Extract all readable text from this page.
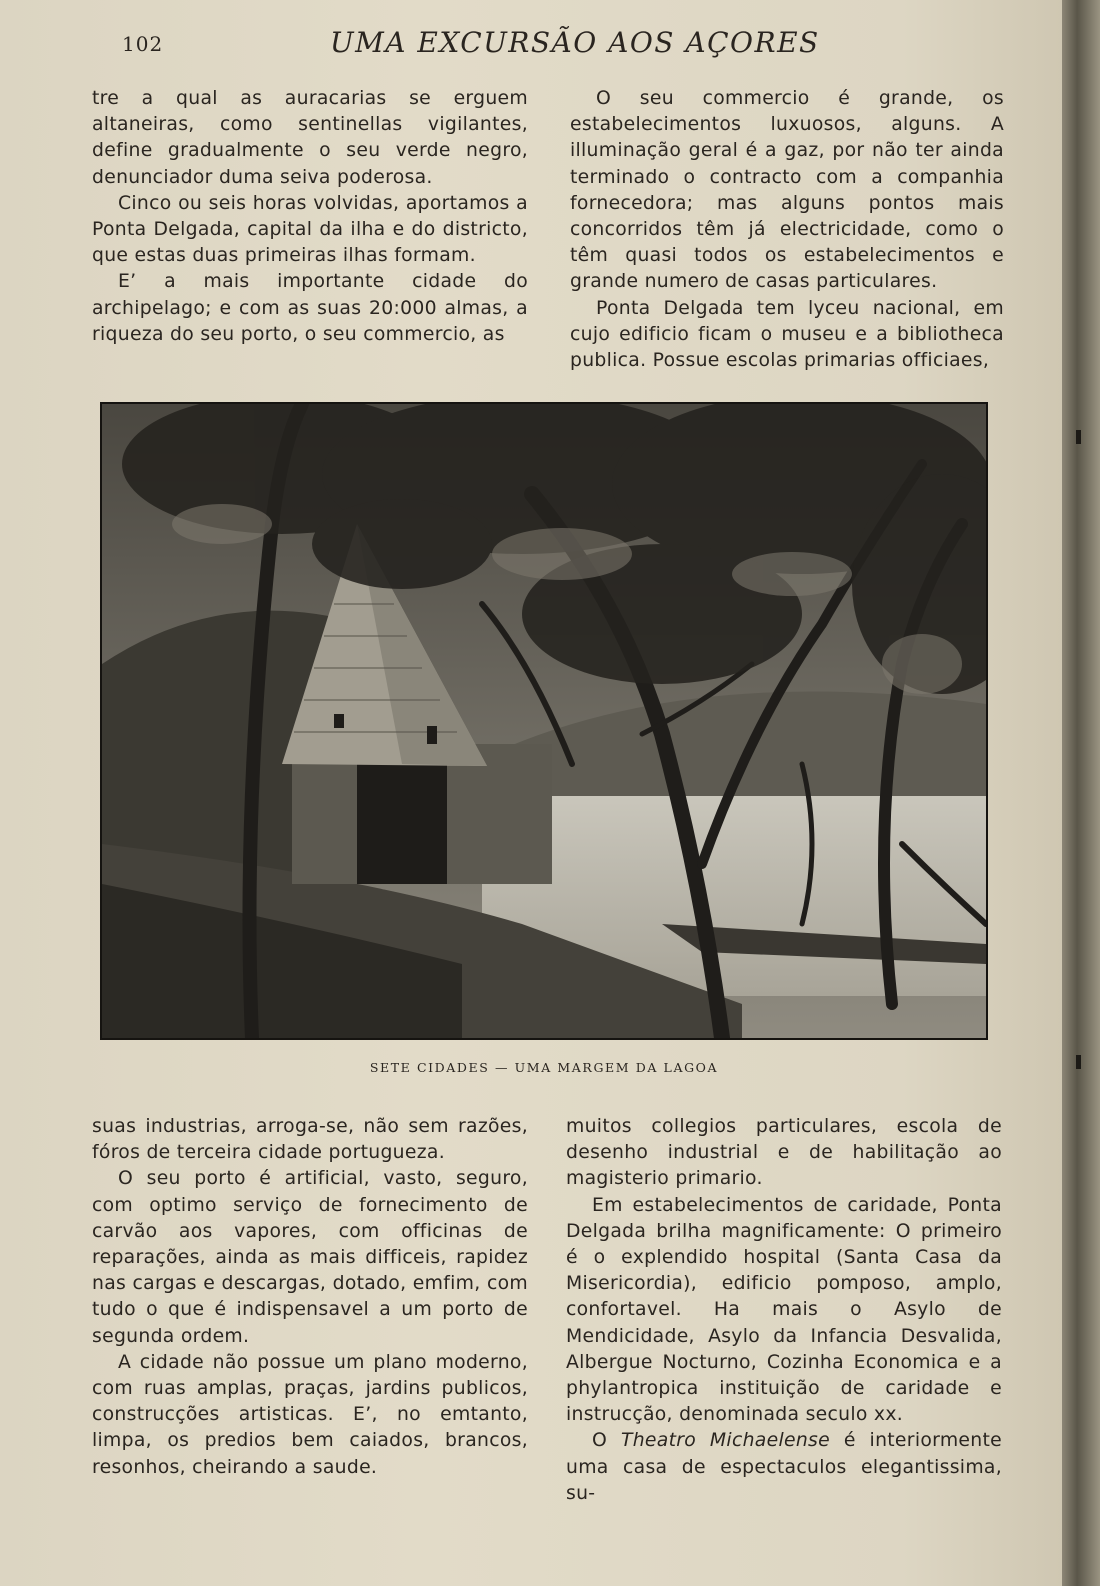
102	UMA EXCURSÃO AOS AÇORES

tre a qual as auracarias se erguem altaneiras, como sentinellas vigilantes, define gradualmente o seu verde negro, denunciador duma seiva poderosa.

Cinco ou seis horas volvidas, aportamos a Ponta Delgada, capital da ilha e do districto, que estas duas primeiras ilhas formam.

E’ a mais importante cidade do archipelago; e com as suas 20:000 almas, a riqueza do seu porto, o seu commercio, as

O seu commercio é grande, os estabelecimentos luxuosos, alguns. A illuminação geral é a gaz, por não ter ainda terminado o contracto com a companhia fornecedora; mas alguns pontos mais concorridos têm já electricidade, como o têm quasi todos os estabelecimentos e grande numero de casas particulares.

Ponta Delgada tem lyceu nacional, em cujo edificio ficam o museu e a bibliotheca publica. Possue escolas primarias officiaes,

SETE CIDADES — UMA MARGEM DA LAGOA

suas industrias, arroga-se, não sem razões, fóros de terceira cidade portugueza.

O seu porto é artificial, vasto, seguro, com optimo serviço de fornecimento de carvão aos vapores, com officinas de reparações, ainda as mais difficeis, rapidez nas cargas e descargas, dotado, emfim, com tudo o que é indispensavel a um porto de segunda ordem.

A cidade não possue um plano moderno, com ruas amplas, praças, jardins publicos, construcções artisticas. E’, no emtanto, limpa, os predios bem caiados, brancos, resonhos, cheirando a saude.

muitos collegios particulares, escola de desenho industrial e de habilitação ao magisterio primario.

Em estabelecimentos de caridade, Ponta Delgada brilha magnificamente: O primeiro é o explendido hospital (Santa Casa da Misericordia), edificio pomposo, amplo, confortavel. Ha mais o Asylo de Mendicidade, Asylo da Infancia Desvalida, Albergue Nocturno, Cozinha Economica e a phylantropica instituição de caridade e instrucção, denominada seculo xx.

O Theatro Michaelense é interiormente uma casa de espectaculos elegantissima, su-
